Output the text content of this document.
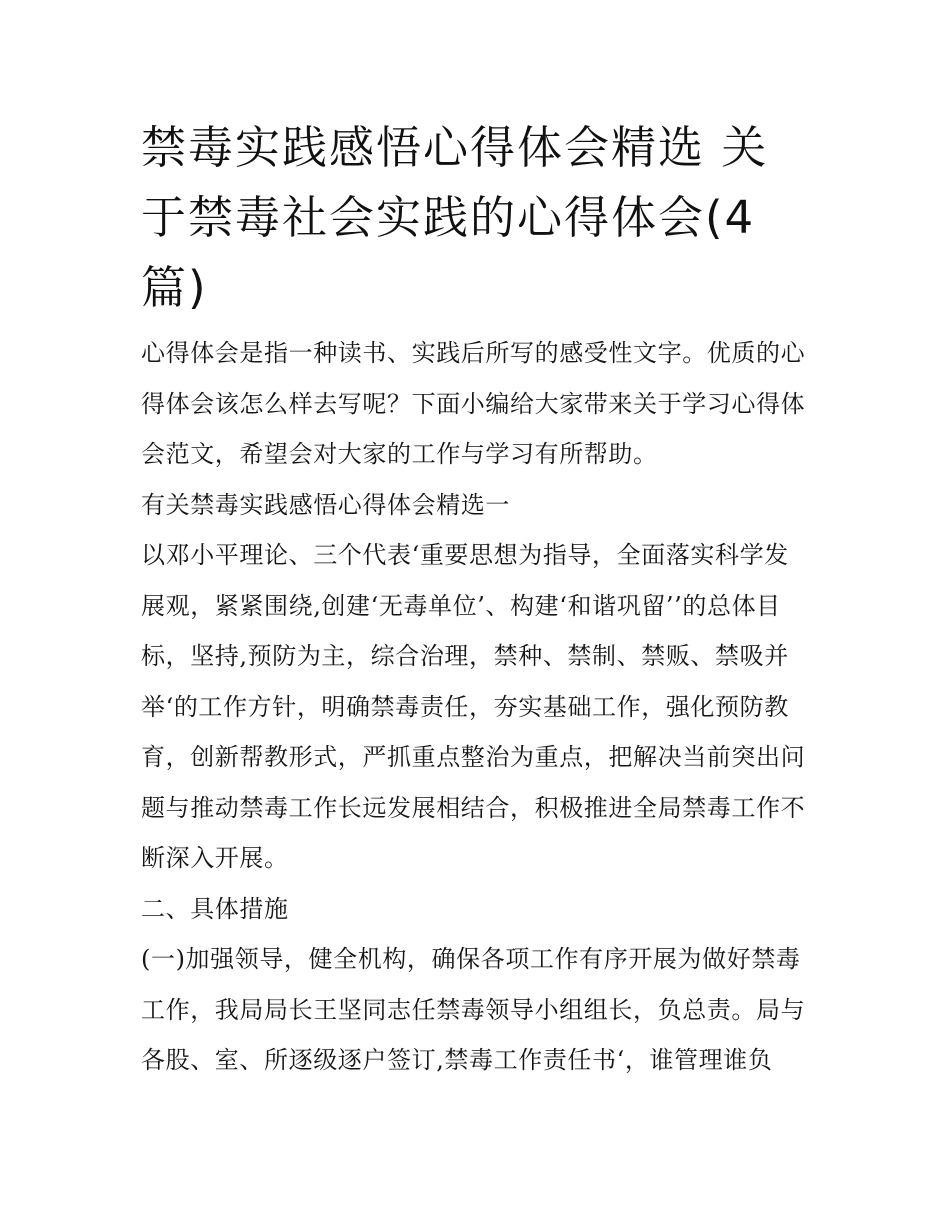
禁毒实践感悟心得体会精选 关
于禁毒社会实践的心得体会(4
篇)

心得体会是指一种读书、实践后所写的感受性文字。优质的心
得体会该怎么样去写呢？下面小编给大家带来关于学习心得体
会范文，希望会对大家的工作与学习有所帮助。

有关禁毒实践感悟心得体会精选一

以邓小平理论、三个代表‘重要思想为指导，全面落实科学发
展观，紧紧围绕,创建‘无毒单位’、构建‘和谐巩留’’的总体目
标，坚持,预防为主，综合治理，禁种、禁制、禁贩、禁吸并
举‘的工作方针，明确禁毒责任，夯实基础工作，强化预防教
育，创新帮教形式，严抓重点整治为重点，把解决当前突出问
题与推动禁毒工作长远发展相结合，积极推进全局禁毒工作不
断深入开展。

二、具体措施

(一)加强领导，健全机构，确保各项工作有序开展为做好禁毒
工作，我局局长王坚同志任禁毒领导小组组长，负总责。局与
各股、室、所逐级逐户签订,禁毒工作责任书‘，谁管理谁负
